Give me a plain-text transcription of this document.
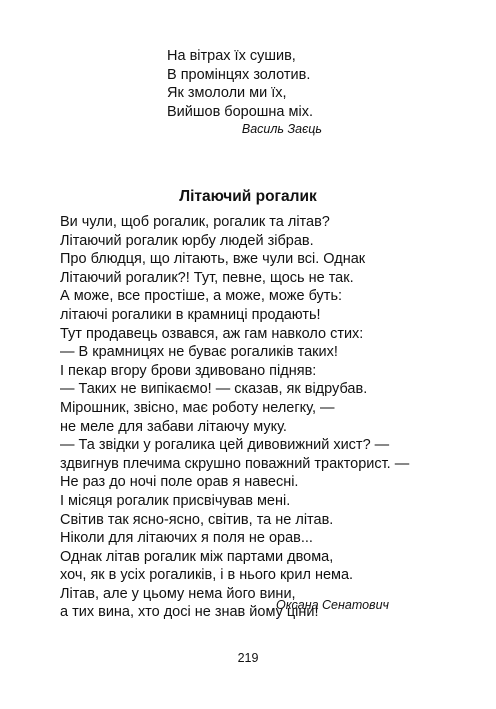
На вітрах їх сушив,
В промінцях золотив.
Як змололи ми їх,
Вийшов борошна міх.
Василь Заєць
Літаючий рогалик
Ви чули, щоб рогалик, рогалик та літав?
Літаючий рогалик юрбу людей зібрав.
Про блюдця, що літають, вже чули всі. Однак
Літаючий рогалик?! Тут, певне, щось не так.
А може, все простіше, а може, може буть:
літаючі рогалики в крамниці продають!
Тут продавець озвався, аж гам навколо стих:
— В крамницях не буває рогаликів таких!
І пекар вгору брови здивовано підняв:
— Таких не випікаємо! — сказав, як відрубав.
Мірошник, звісно, має роботу нелегку, —
не меле для забави літаючу муку.
— Та звідки у рогалика цей дивовижний хист? —
здвигнув плечима скрушно поважний тракторист. —
Не раз до ночі поле орав я навесні.
І місяця рогалик присвічував мені.
Світив так ясно-ясно, світив, та не літав.
Ніколи для літаючих я поля не орав...
Однак літав рогалик між партами двома,
хоч, як в усіх рогаликів, і в нього крил нема.
Літав, але у цьому нема його вини,
а тих вина, хто досі не знав йому ціни!
Оксана Сенатович
219
